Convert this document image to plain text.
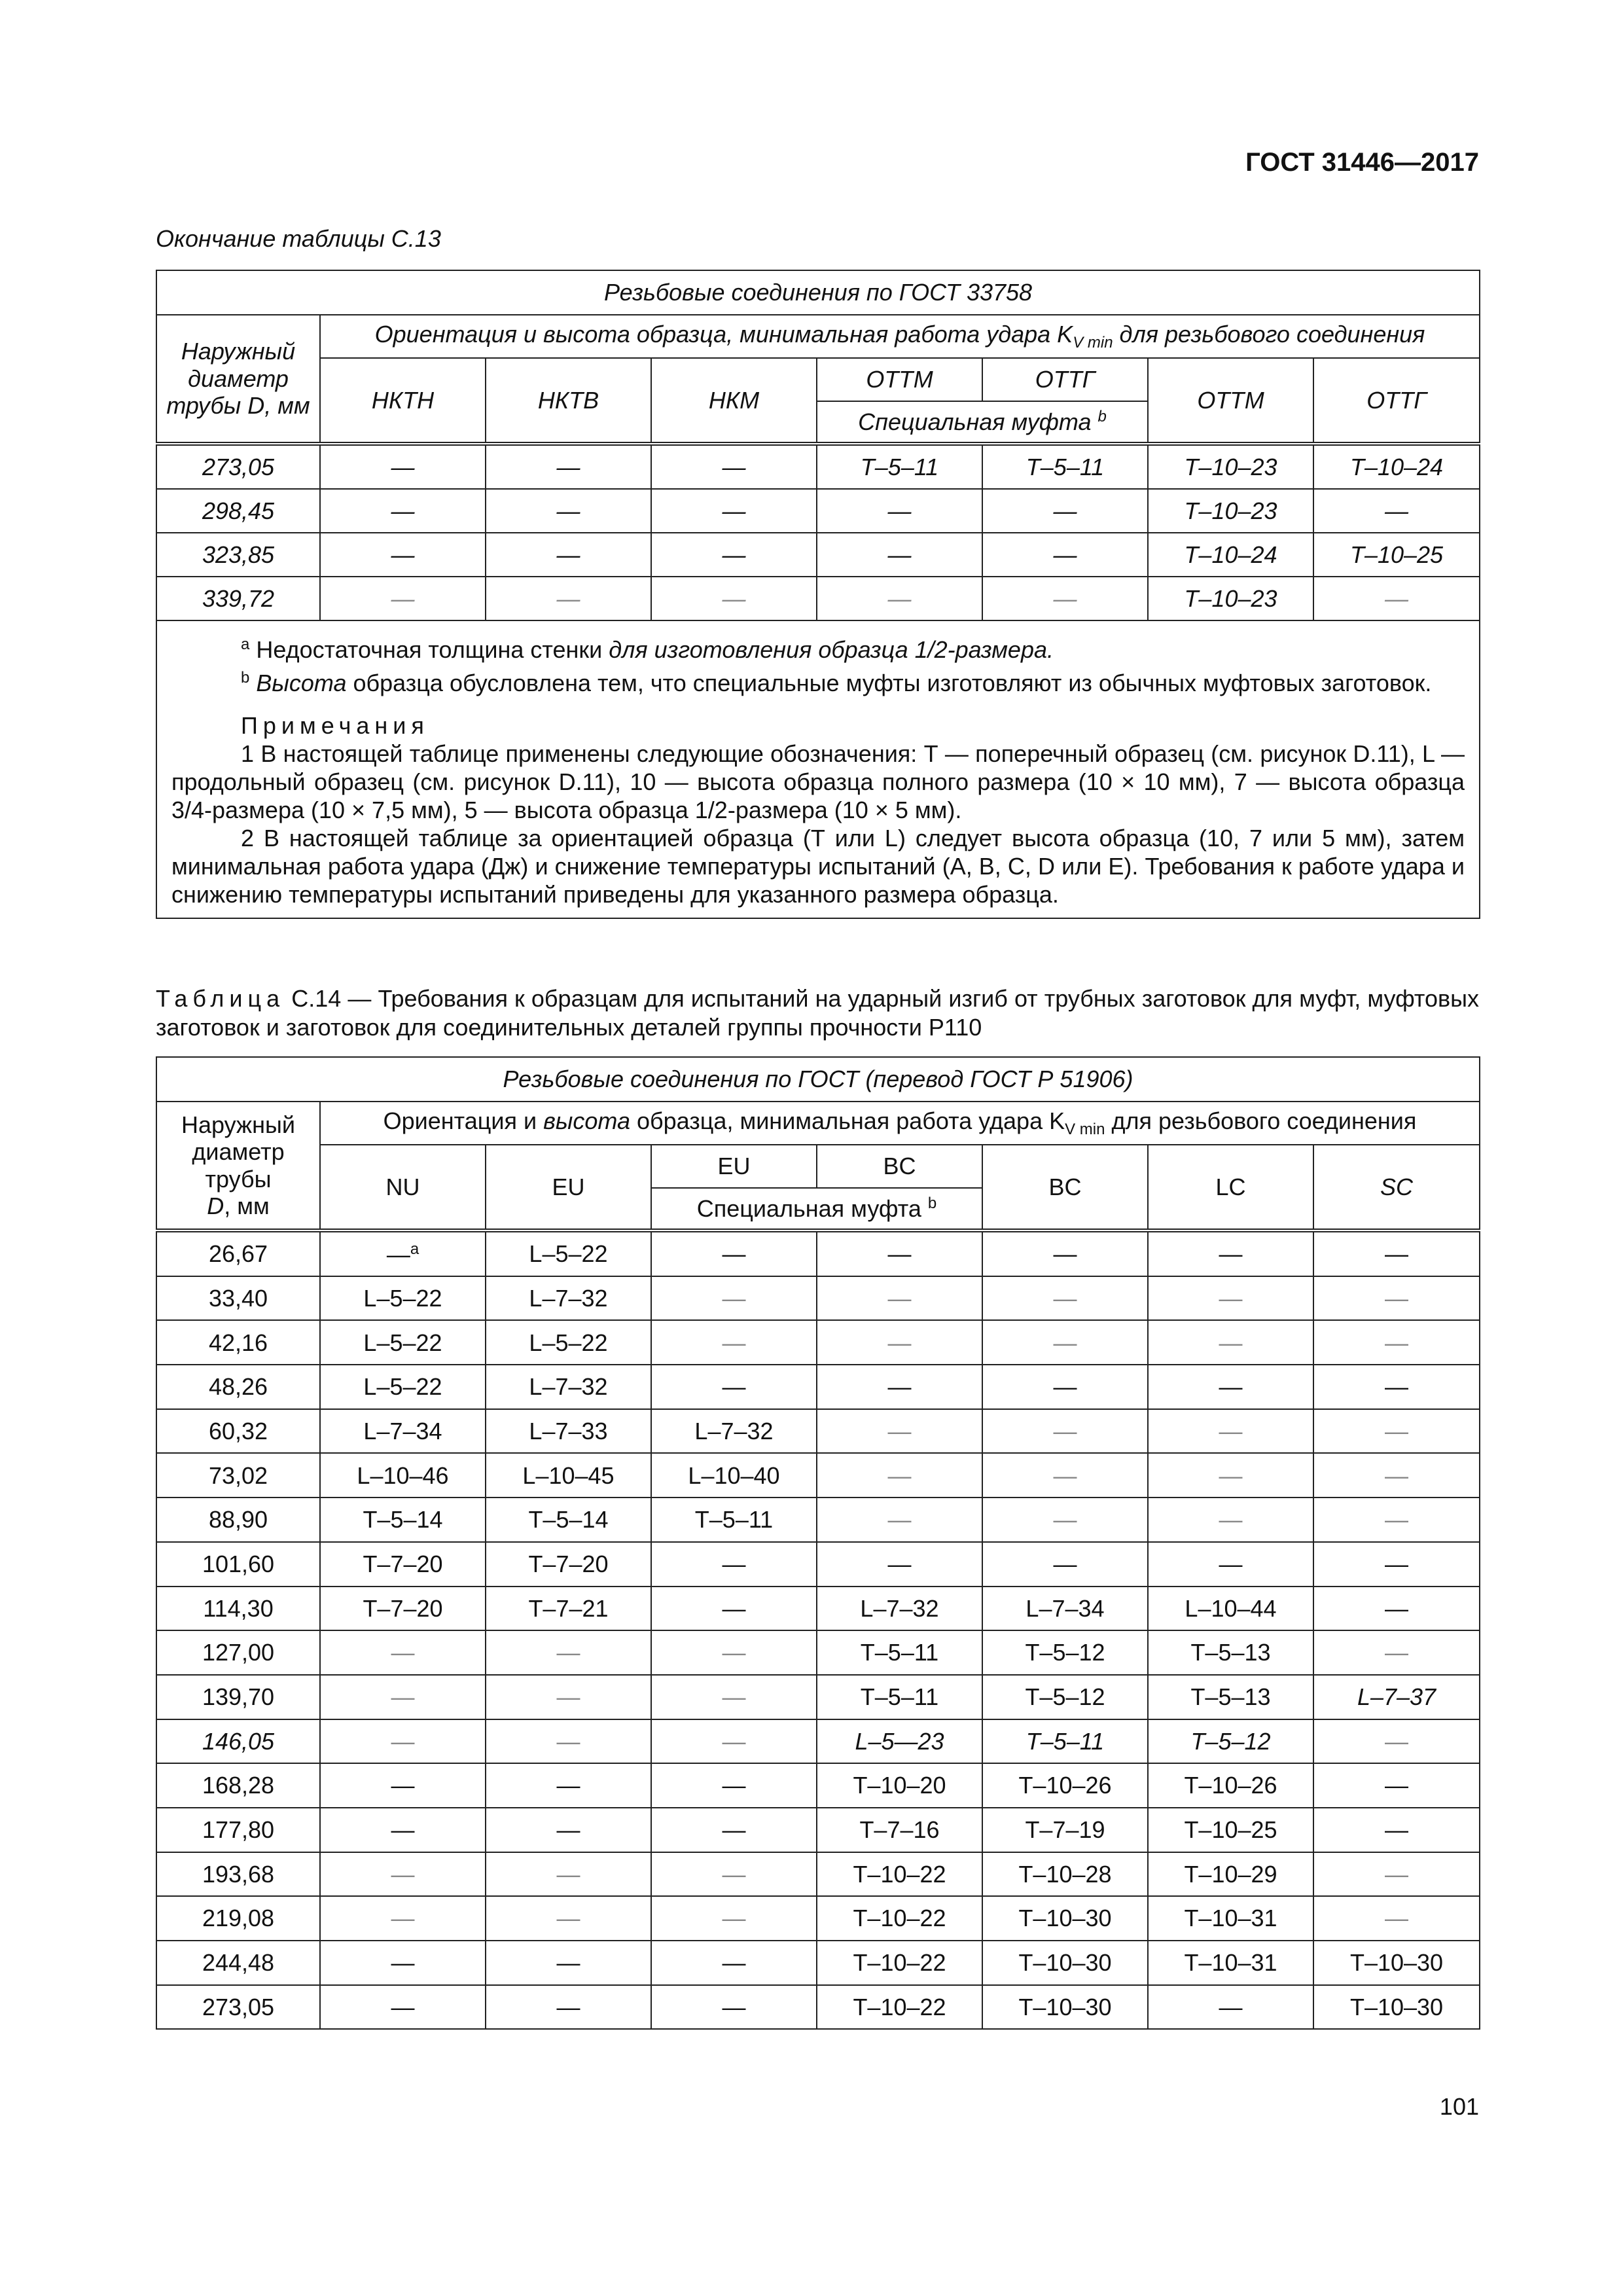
ГОСТ 31446—2017
Окончание таблицы С.13
Резьбовые соединения по ГОСТ 33758							
Наружный диаметр трубы D, мм	Ориентация и высота образца, минимальная работа удара $K_{V min}$ для резьбового соединения						
	НКТН	НКТВ	НКМ	ОТТМ	ОТТГ	ОТТМ	ОТТГ
				Специальная муфта $^b$
273,05	—	—	—	Т–5–11	Т–5–11	Т–10–23	Т–10–24
298,45	—	—	—	—	—	Т–10–23	—
323,85	—	—	—	—	—	Т–10–24	Т–10–25
339,72	—	—	—	—	—	Т–10–23	—

$^a$ Недостаточная толщина стенки для изготовления образца 1/2-размера.

$^b$ Высота образца обусловлена тем, что специальные муфты изготовляют из обычных муфтовых заготовок.

Примечания

1 В настоящей таблице применены следующие обозначения: Т — поперечный образец (см. рисунок D.11), L — продольный образец (см. рисунок D.11), 10 — высота образца полного размера (10 × 10 мм), 7 — высота образца 3/4-размера (10 × 7,5 мм), 5 — высота образца 1/2-размера (10 × 5 мм).

2 В настоящей таблице за ориентацией образца (Т или L) следует высота образца (10, 7 или 5 мм), затем минимальная работа удара (Дж) и снижение температуры испытаний (А, В, С, D или Е). Требования к работе удара и снижению температуры испытаний приведены для указанного размера образца.							

Таблица С.14 — Требования к образцам для испытаний на ударный изгиб от трубных заготовок для муфт, муфтовых заготовок и заготовок для соединительных деталей группы прочности Р110
Резьбовые соединения по ГОСТ (перевод ГОСТ Р 51906)							
Наружный диаметр трубы
D, мм	Ориентация и высота образца, минимальная работа удара $K_{V min}$ для резьбового соединения						
	NU	EU	EU	BC	BC	LC	SC
			Специальная муфта $^b$
26,67	—$^a$	L–5–22	—	—	—	—	—
33,40	L–5–22	L–7–32	—	—	—	—	—
42,16	L–5–22	L–5–22	—	—	—	—	—
48,26	L–5–22	L–7–32	—	—	—	—	—
60,32	L–7–34	L–7–33	L–7–32	—	—	—	—
73,02	L–10–46	L–10–45	L–10–40	—	—	—	—
88,90	T–5–14	T–5–14	T–5–11	—	—	—	—
101,60	T–7–20	T–7–20	—	—	—	—	—
114,30	T–7–20	T–7–21	—	L–7–32	L–7–34	L–10–44	—
127,00	—	—	—	T–5–11	T–5–12	T–5–13	—
139,70	—	—	—	T–5–11	T–5–12	T–5–13	L–7–37
146,05	—	—	—	L–5—23	T–5–11	T–5–12	—
168,28	—	—	—	T–10–20	T–10–26	T–10–26	—
177,80	—	—	—	T–7–16	T–7–19	T–10–25	—
193,68	—	—	—	T–10–22	T–10–28	T–10–29	—
219,08	—	—	—	T–10–22	T–10–30	T–10–31	—
244,48	—	—	—	T–10–22	T–10–30	T–10–31	T–10–30
273,05	—	—	—	T–10–22	T–10–30	—	T–10–30
101
